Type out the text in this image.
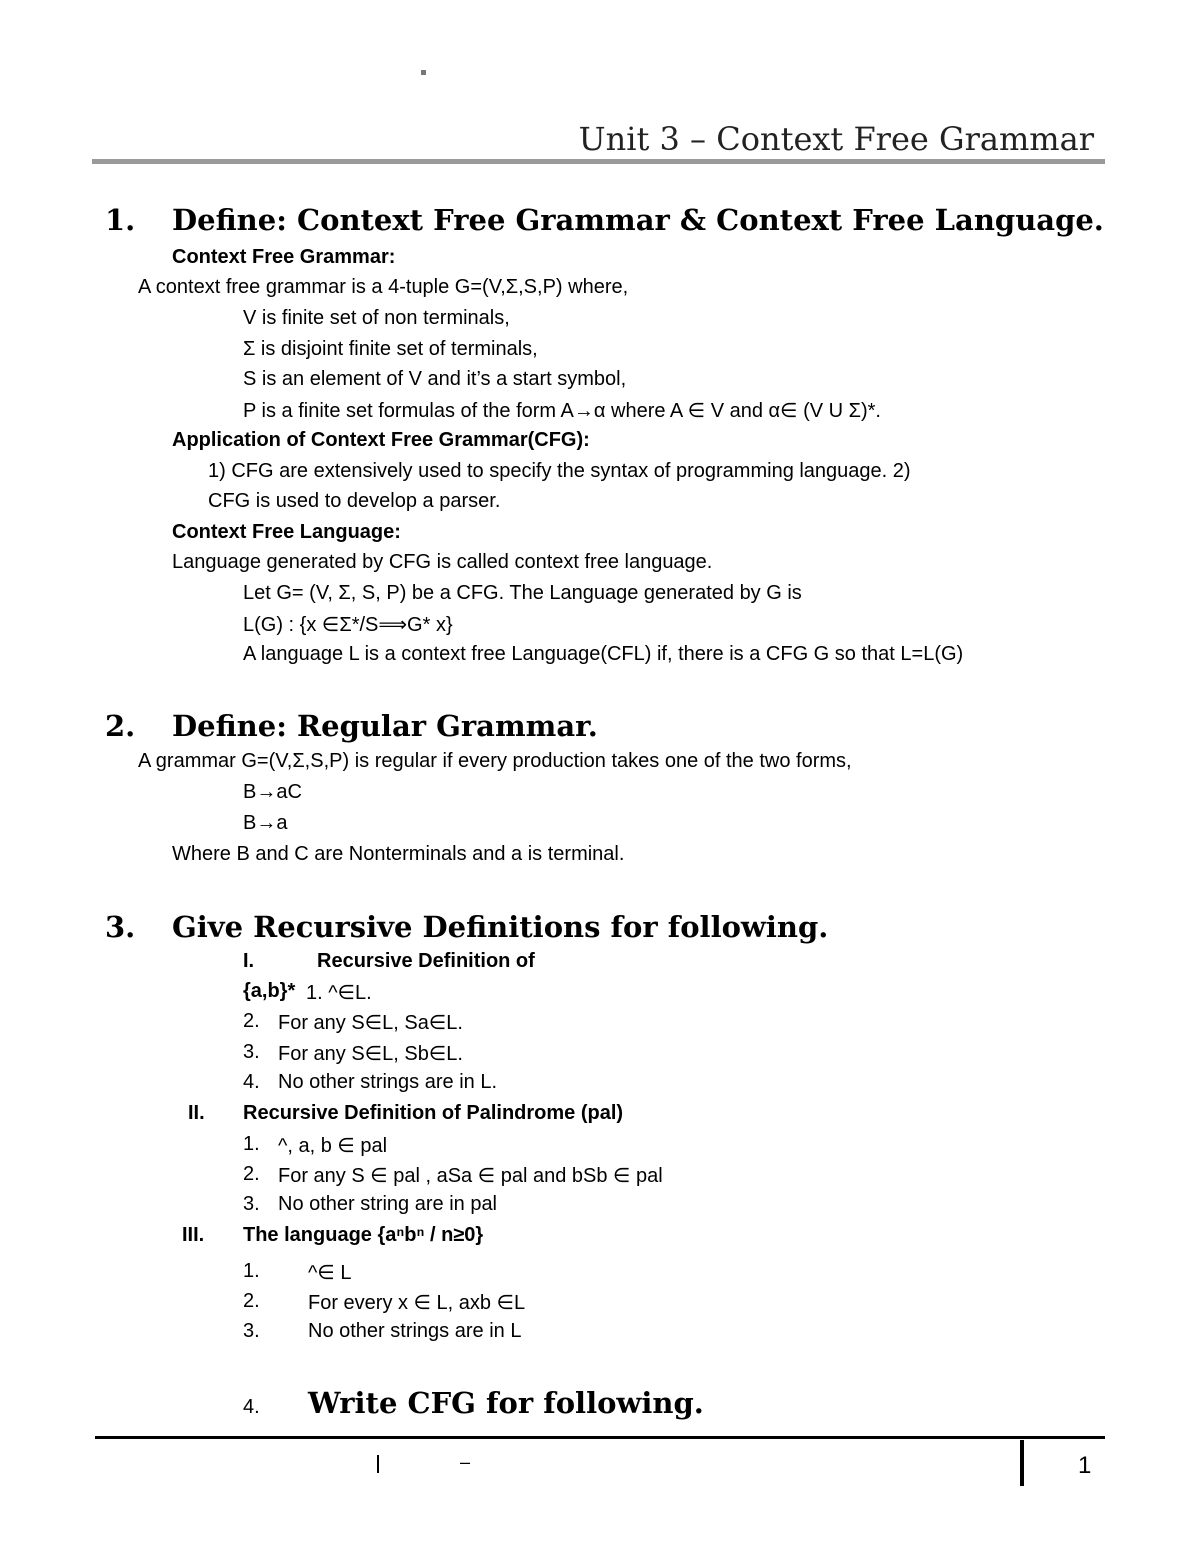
Unit 3 – Context Free Grammar
1. Define: Context Free Grammar & Context Free Language.
Context Free Grammar:
A context free grammar is a 4-tuple G=(V,Σ,S,P) where,
V is finite set of non terminals,
Σ is disjoint finite set of terminals,
S is an element of V and it’s a start symbol,
P is a finite set formulas of the form A→α where A ∈ V and α∈ (V U Σ)*.
Application of Context Free Grammar(CFG):
1) CFG are extensively used to specify the syntax of programming language. 2)
CFG is used to develop a parser.
Context Free Language:
Language generated by CFG is called context free language.
Let G= (V, Σ, S, P) be a CFG. The Language generated by G is
L(G) : {x ∈Σ*/S⟹G* x}
A language L is a context free Language(CFL) if, there is a CFG G so that L=L(G)
2. Define: Regular Grammar.
A grammar G=(V,Σ,S,P) is regular if every production takes one of the two forms,
B→aC
B→a
Where B and C are Nonterminals and a is terminal.
3. Give Recursive Definitions for following.
I.	Recursive Definition of
{a,b}* 1. ^∈L.
2. For any S∈L, Sa∈L.
3. For any S∈L, Sb∈L.
4. No other strings are in L.
II. Recursive Definition of Palindrome (pal)
1. ^, a, b ∈ pal
2. For any S ∈ pal , aSa ∈ pal and bSb ∈ pal
3. No other string are in pal
III. The language {aⁿbⁿ / n≥0}
1. ^∈ L
2. For every x ∈ L, axb ∈L
3. No other strings are in L
4. Write CFG for following.
–	1
